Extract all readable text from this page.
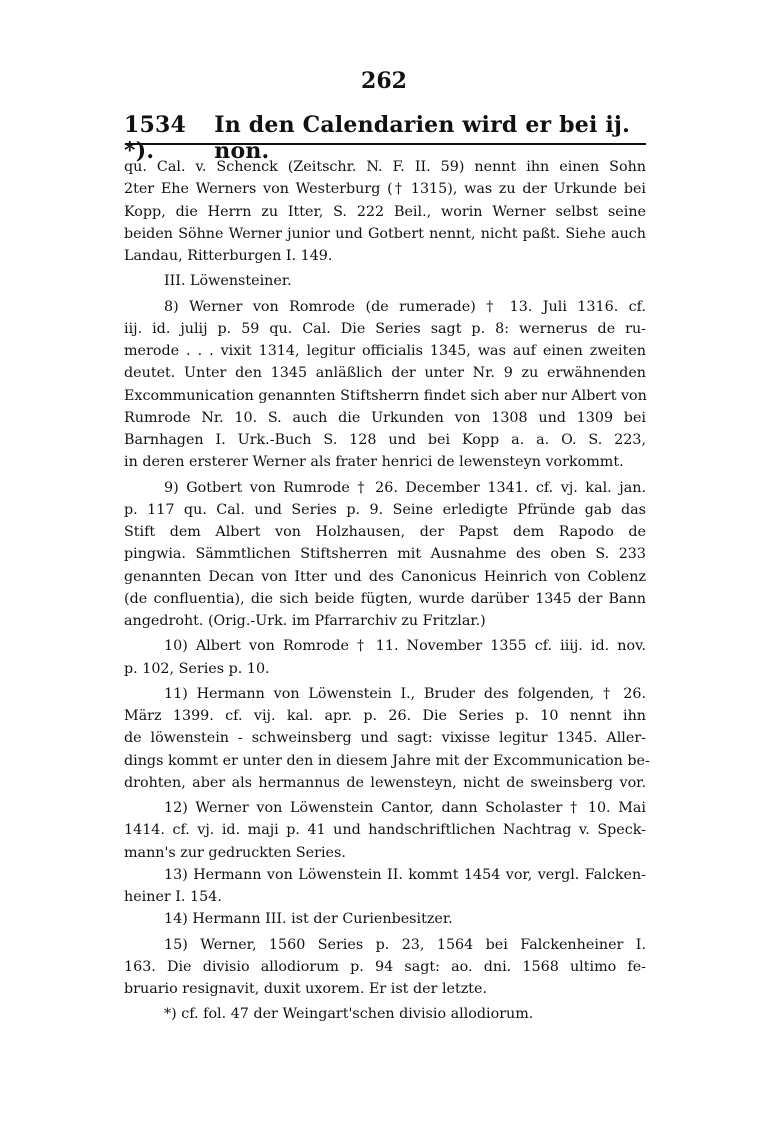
262
1534 *).
In den Calendarien wird er bei ij. non.
qu. Cal. v. Schenck (Zeitschr. N. F. II. 59) nennt ihn einen Sohn
2ter Ehe Werners von Westerburg († 1315), was zu der Urkunde bei
Kopp, die Herrn zu Itter, S. 222 Beil., worin Werner selbst seine
beiden Söhne Werner junior und Gotbert nennt, nicht paßt. Siehe auch
Landau, Ritterburgen I. 149.
III. Löwensteiner.
8) Werner von Romrode (de rumerade) † 13. Juli 1316. cf.
iij. id. julij p. 59 qu. Cal. Die Series sagt p. 8: wernerus de ru-
merode . . . vixit 1314, legitur officialis 1345, was auf einen zweiten
deutet. Unter den 1345 anläßlich der unter Nr. 9 zu erwähnenden
Excommunication genannten Stiftsherrn findet sich aber nur Albert von
Rumrode Nr. 10. S. auch die Urkunden von 1308 und 1309 bei
Barnhagen I. Urk.-Buch S. 128 und bei Kopp a. a. O. S. 223,
in deren ersterer Werner als frater henrici de lewensteyn vorkommt.
9) Gotbert von Rumrode † 26. December 1341. cf. vj. kal. jan.
p. 117 qu. Cal. und Series p. 9. Seine erledigte Pfründe gab das
Stift dem Albert von Holzhausen, der Papst dem Rapodo de
pingwia. Sämmtlichen Stiftsherren mit Ausnahme des oben S. 233
genannten Decan von Itter und des Canonicus Heinrich von Coblenz
(de confluentia), die sich beide fügten, wurde darüber 1345 der Bann
angedroht. (Orig.-Urk. im Pfarrarchiv zu Fritzlar.)
10) Albert von Romrode † 11. November 1355 cf. iiij. id. nov.
p. 102, Series p. 10.
11) Hermann von Löwenstein I., Bruder des folgenden, † 26.
März 1399. cf. vij. kal. apr. p. 26. Die Series p. 10 nennt ihn
de löwenstein - schweinsberg und sagt: vixisse legitur 1345. Aller-
dings kommt er unter den in diesem Jahre mit der Excommunication be-
drohten, aber als hermannus de lewensteyn, nicht de sweinsberg vor.
12) Werner von Löwenstein Cantor, dann Scholaster † 10. Mai
1414. cf. vj. id. maji p. 41 und handschriftlichen Nachtrag v. Speck-
mann's zur gedruckten Series.
13) Hermann von Löwenstein II. kommt 1454 vor, vergl. Falcken-
heiner I. 154.
14) Hermann III. ist der Curienbesitzer.
15) Werner, 1560 Series p. 23, 1564 bei Falckenheiner I.
163. Die divisio allodiorum p. 94 sagt: ao. dni. 1568 ultimo fe-
bruario resignavit, duxit uxorem. Er ist der letzte.
*) cf. fol. 47 der Weingart'schen divisio allodiorum.
